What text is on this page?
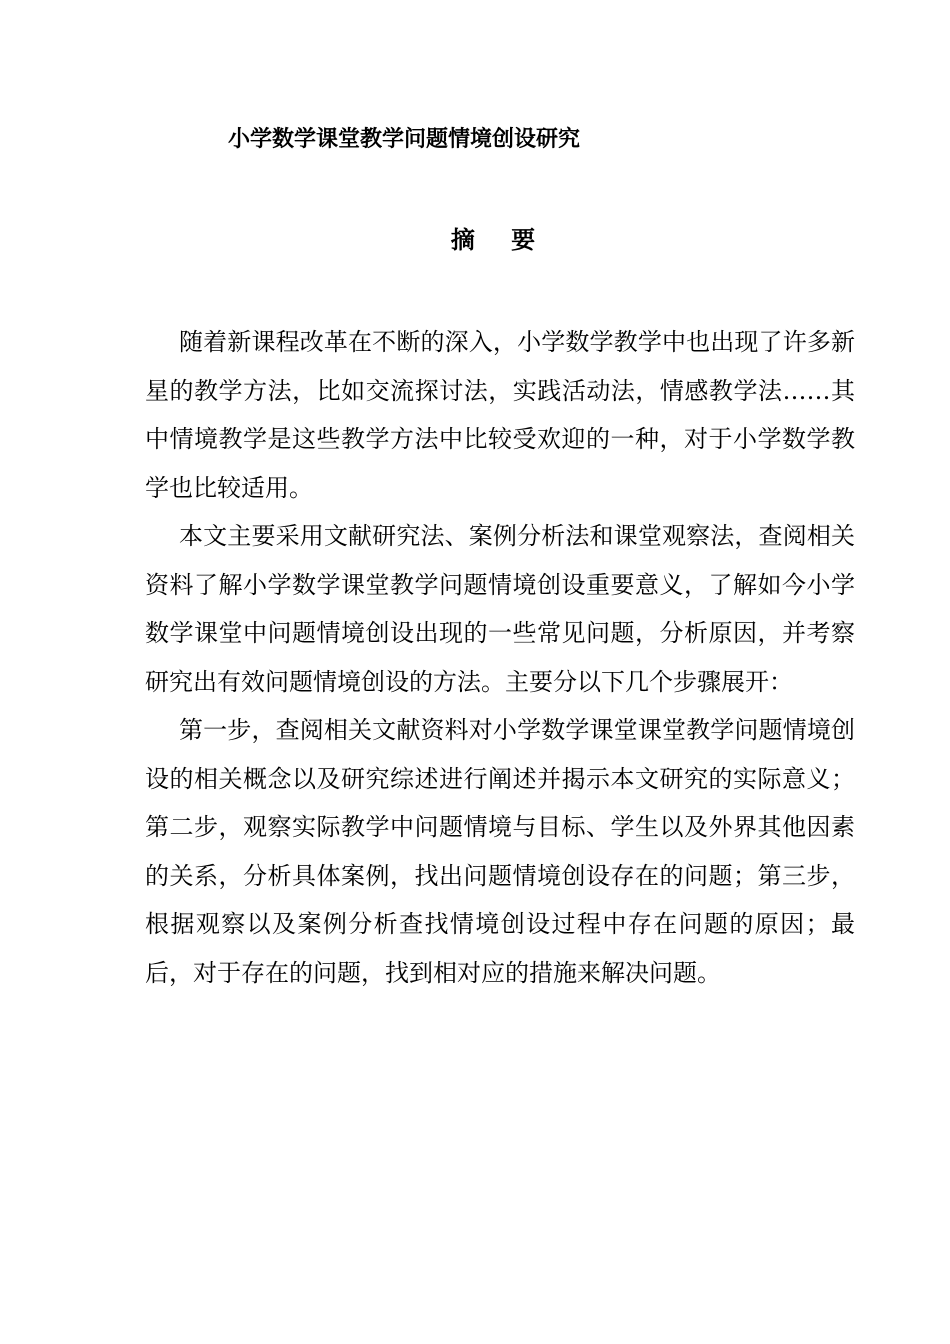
小学数学课堂教学问题情境创设研究
摘 要

随着新课程改革在不断的深入，小学数学教学中也出现了许多新星的教学方法，比如交流探讨法，实践活动法，情感教学法……其中情境教学是这些教学方法中比较受欢迎的一种，对于小学数学教学也比较适用。

本文主要采用文献研究法、案例分析法和课堂观察法，查阅相关资料了解小学数学课堂教学问题情境创设重要意义，了解如今小学数学课堂中问题情境创设出现的一些常见问题，分析原因，并考察研究出有效问题情境创设的方法。主要分以下几个步骤展开：

第一步，查阅相关文献资料对小学数学课堂课堂教学问题情境创设的相关概念以及研究综述进行阐述并揭示本文研究的实际意义；第二步，观察实际教学中问题情境与目标、学生以及外界其他因素的关系，分析具体案例，找出问题情境创设存在的问题；第三步，根据观察以及案例分析查找情境创设过程中存在问题的原因；最后，对于存在的问题，找到相对应的措施来解决问题。
